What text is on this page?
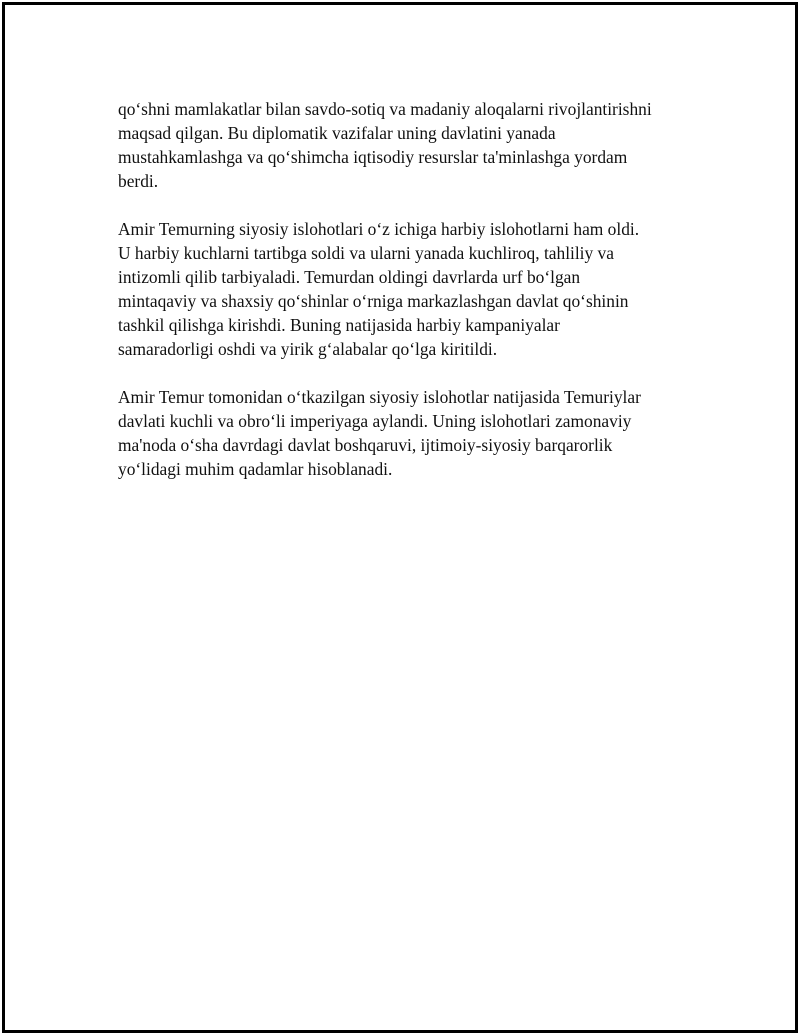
qo‘shni mamlakatlar bilan savdo-sotiq va madaniy aloqalarni rivojlantirishni
maqsad qilgan. Bu diplomatik vazifalar uning davlatini yanada
mustahkamlashga va qo‘shimcha iqtisodiy resurslar ta'minlashga yordam
berdi.

Amir Temurning siyosiy islohotlari o‘z ichiga harbiy islohotlarni ham oldi.
U harbiy kuchlarni tartibga soldi va ularni yanada kuchliroq, tahliliy va
intizomli qilib tarbiyaladi. Temurdan oldingi davrlarda urf bo‘lgan
mintaqaviy va shaxsiy qo‘shinlar o‘rniga markazlashgan davlat qo‘shinin
tashkil qilishga kirishdi. Buning natijasida harbiy kampaniyalar
samaradorligi oshdi va yirik g‘alabalar qo‘lga kiritildi.

Amir Temur tomonidan o‘tkazilgan siyosiy islohotlar natijasida Temuriylar
davlati kuchli va obro‘li imperiyaga aylandi. Uning islohotlari zamonaviy
ma'noda o‘sha davrdagi davlat boshqaruvi, ijtimoiy-siyosiy barqarorlik
yo‘lidagi muhim qadamlar hisoblanadi.
